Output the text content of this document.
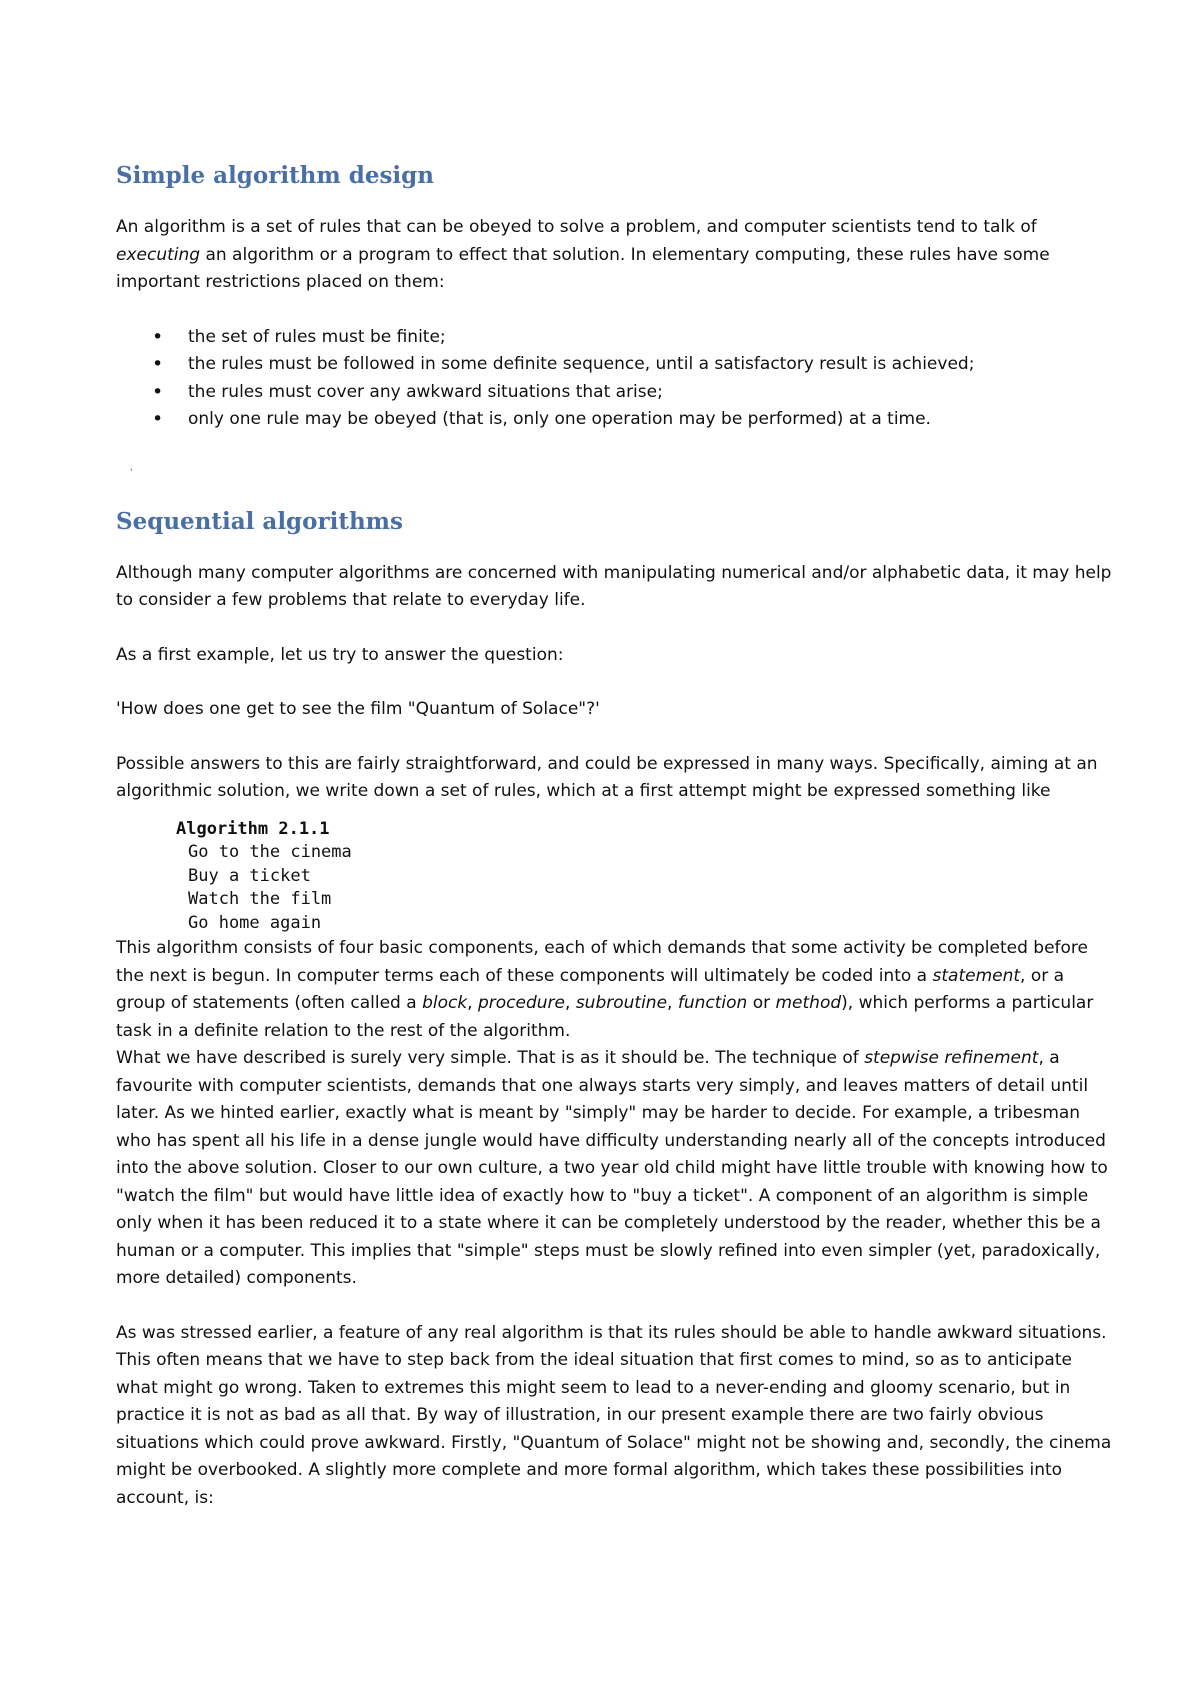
Simple algorithm design

An algorithm is a set of rules that can be obeyed to solve a problem, and computer scientists tend to talk of executing an algorithm or a program to effect that solution. In elementary computing, these rules have some important restrictions placed on them:

• the set of rules must be finite;
• the rules must be followed in some definite sequence, until a satisfactory result is achieved;
• the rules must cover any awkward situations that arise;
• only one rule may be obeyed (that is, only one operation may be performed) at a time.
'
Sequential algorithms

Although many computer algorithms are concerned with manipulating numerical and/or alphabetic data, it may help to consider a few problems that relate to everyday life.

As a first example, let us try to answer the question:

'How does one get to see the film "Quantum of Solace"?'

Possible answers to this are fairly straightforward, and could be expressed in many ways. Specifically, aiming at an algorithmic solution, we write down a set of rules, which at a first attempt might be expressed something like

Algorithm 2.1.1
Go to the cinema
Buy a ticket
Watch the film
Go home again

This algorithm consists of four basic components, each of which demands that some activity be completed before the next is begun. In computer terms each of these components will ultimately be coded into a statement, or a group of statements (often called a block, procedure, subroutine, function or method), which performs a particular task in a definite relation to the rest of the algorithm.

What we have described is surely very simple. That is as it should be. The technique of stepwise refinement, a favourite with computer scientists, demands that one always starts very simply, and leaves matters of detail until later. As we hinted earlier, exactly what is meant by "simply" may be harder to decide. For example, a tribesman who has spent all his life in a dense jungle would have difficulty understanding nearly all of the concepts introduced into the above solution. Closer to our own culture, a two year old child might have little trouble with knowing how to "watch the film" but would have little idea of exactly how to "buy a ticket". A component of an algorithm is simple only when it has been reduced it to a state where it can be completely understood by the reader, whether this be a human or a computer. This implies that "simple" steps must be slowly refined into even simpler (yet, paradoxically, more detailed) components.

As was stressed earlier, a feature of any real algorithm is that its rules should be able to handle awkward situations. This often means that we have to step back from the ideal situation that first comes to mind, so as to anticipate what might go wrong. Taken to extremes this might seem to lead to a never-ending and gloomy scenario, but in practice it is not as bad as all that. By way of illustration, in our present example there are two fairly obvious situations which could prove awkward. Firstly, "Quantum of Solace" might not be showing and, secondly, the cinema might be overbooked. A slightly more complete and more formal algorithm, which takes these possibilities into account, is:
